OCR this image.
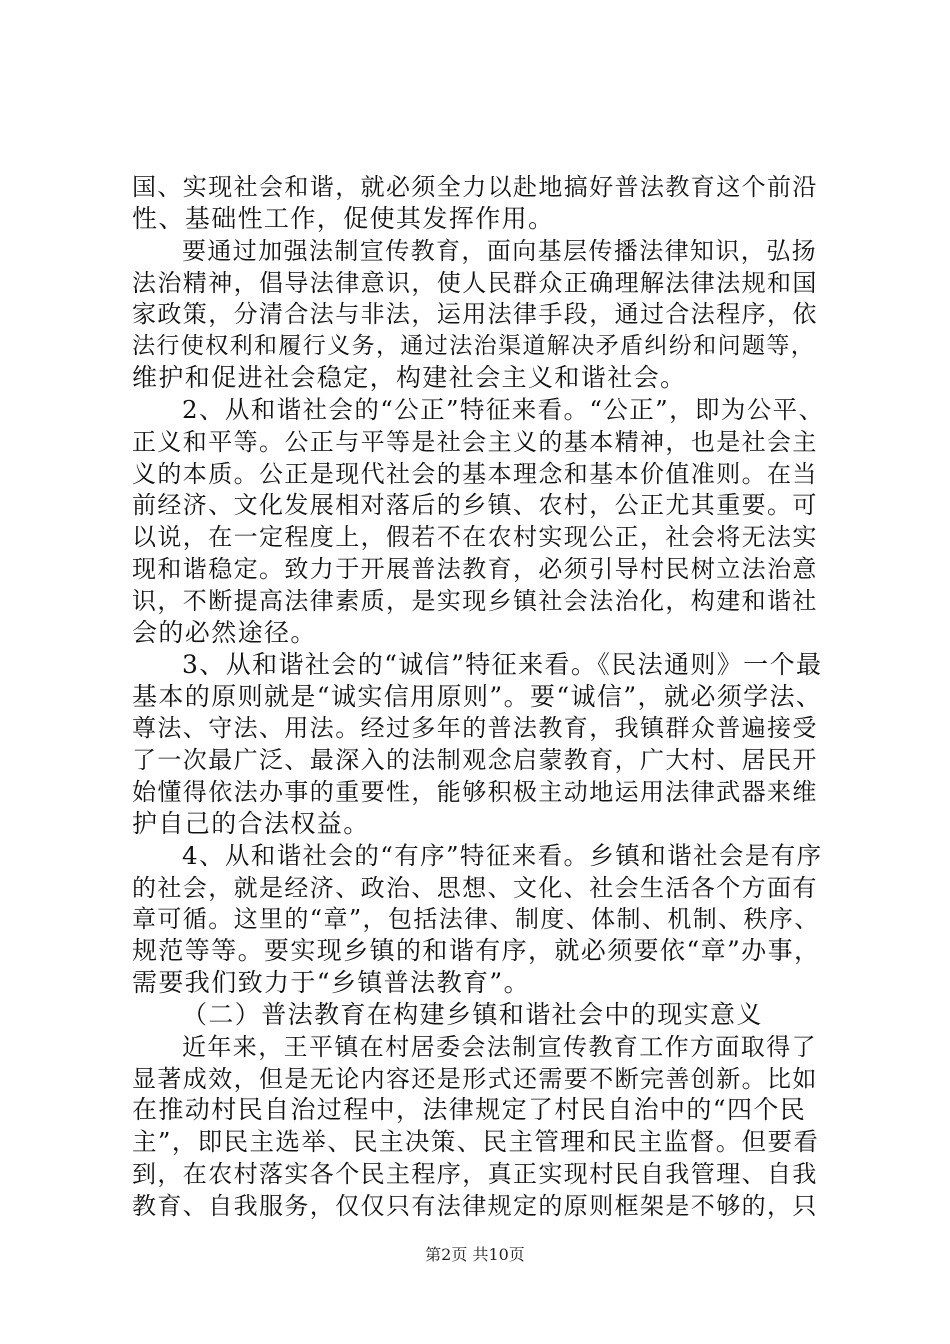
国、实现社会和谐，就必须全力以赴地搞好普法教育这个前沿
性、基础性工作，促使其发挥作用。
要通过加强法制宣传教育，面向基层传播法律知识，弘扬
法治精神，倡导法律意识，使人民群众正确理解法律法规和国
家政策，分清合法与非法，运用法律手段，通过合法程序，依
法行使权利和履行义务，通过法治渠道解决矛盾纠纷和问题等，
维护和促进社会稳定，构建社会主义和谐社会。
2、从和谐社会的“公正”特征来看。“公正”，即为公平、
正义和平等。公正与平等是社会主义的基本精神，也是社会主
义的本质。公正是现代社会的基本理念和基本价值准则。在当
前经济、文化发展相对落后的乡镇、农村，公正尤其重要。可
以说，在一定程度上，假若不在农村实现公正，社会将无法实
现和谐稳定。致力于开展普法教育，必须引导村民树立法治意
识，不断提高法律素质，是实现乡镇社会法治化，构建和谐社
会的必然途径。
3、从和谐社会的“诚信”特征来看。《民法通则》一个最
基本的原则就是“诚实信用原则”。要“诚信”，就必须学法、
尊法、守法、用法。经过多年的普法教育，我镇群众普遍接受
了一次最广泛、最深入的法制观念启蒙教育，广大村、居民开
始懂得依法办事的重要性，能够积极主动地运用法律武器来维
护自己的合法权益。
4、从和谐社会的“有序”特征来看。乡镇和谐社会是有序
的社会，就是经济、政治、思想、文化、社会生活各个方面有
章可循。这里的“章”，包括法律、制度、体制、机制、秩序、
规范等等。要实现乡镇的和谐有序，就必须要依“章”办事，
需要我们致力于“乡镇普法教育”。
（二）普法教育在构建乡镇和谐社会中的现实意义
近年来，王平镇在村居委会法制宣传教育工作方面取得了
显著成效，但是无论内容还是形式还需要不断完善创新。比如
在推动村民自治过程中，法律规定了村民自治中的“四个民
主”，即民主选举、民主决策、民主管理和民主监督。但要看
到，在农村落实各个民主程序，真正实现村民自我管理、自我
教育、自我服务，仅仅只有法律规定的原则框架是不够的，只
第2页 共10页
